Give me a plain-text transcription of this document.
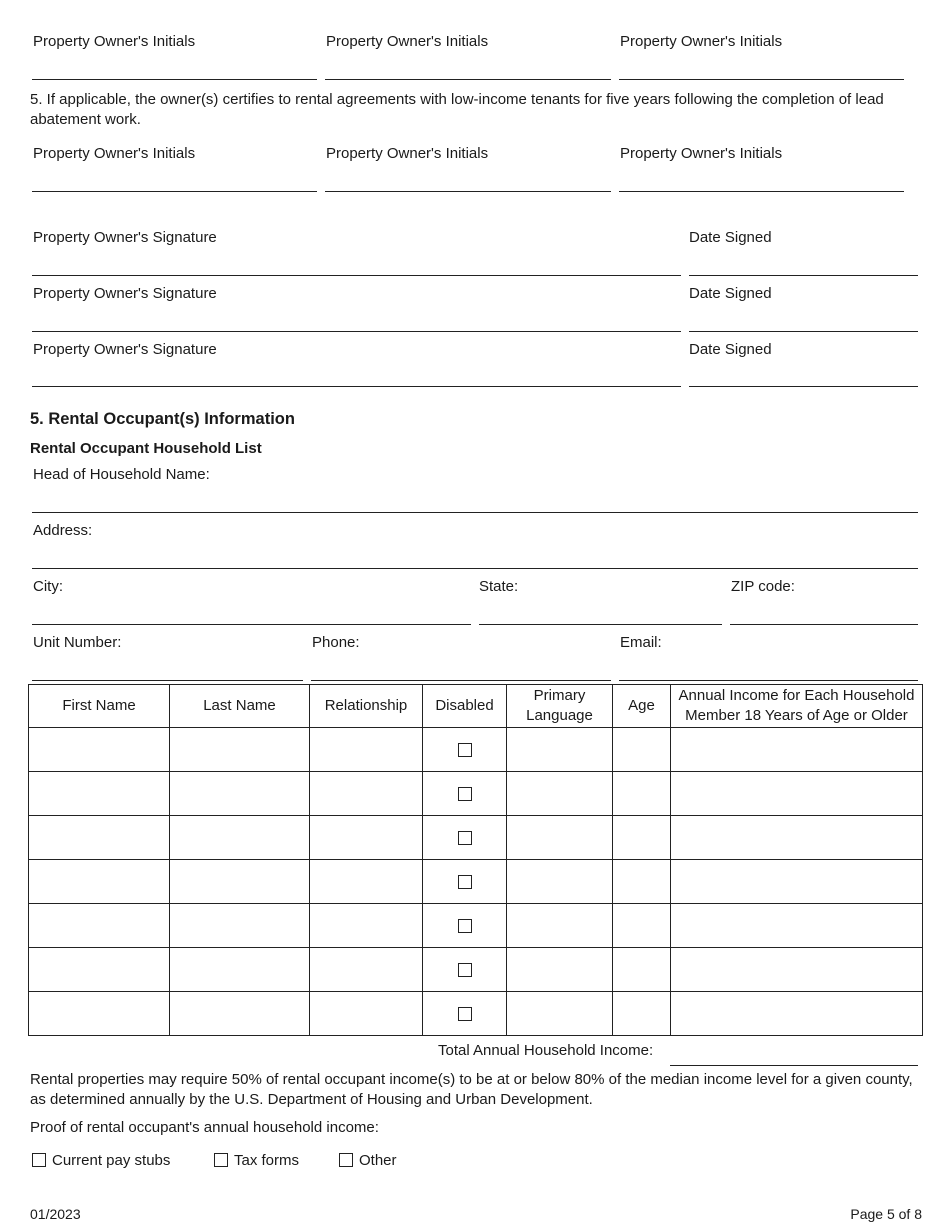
Property Owner's Initials	Property Owner's Initials	Property Owner's Initials
5. If applicable, the owner(s) certifies to rental agreements with low-income tenants for five years following the completion of lead abatement work.
Property Owner's Initials	Property Owner's Initials	Property Owner's Initials
Property Owner's Signature	Date Signed
Property Owner's Signature	Date Signed
Property Owner's Signature	Date Signed
5. Rental Occupant(s) Information
Rental Occupant Household List
Head of Household Name:
Address:
City:	State:	ZIP code:
Unit Number:	Phone:	Email:
First Name	Last Name	Relationship	Disabled	Primary Language	Age	Annual Income for Each Household Member 18 Years of Age or Older

Total Annual Household Income:
Rental properties may require 50% of rental occupant income(s) to be at or below 80% of the median income level for a given county, as determined annually by the U.S. Department of Housing and Urban Development.
Proof of rental occupant's annual household income:
Current pay stubs	Tax forms	Other
01/2023	Page 5 of 8
